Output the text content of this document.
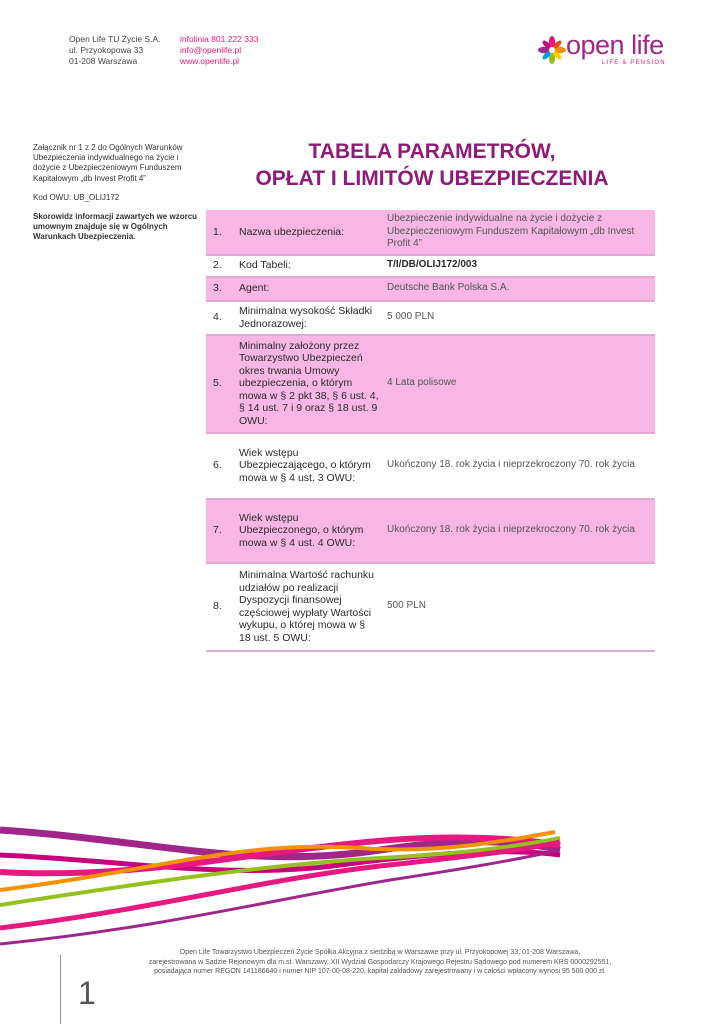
Open Life TU Życie S.A.
ul. Przyokopowa 33
01-208 Warszawa
infolinia 801 222 333
info@openlife.pl
www.openlife.pl
open life
LIFE & PENSION

Załącznik nr 1 z 2 do Ogólnych Warunków Ubezpieczenia indywidualnego na życie i dożycie z Ubezpieczeniowym Funduszem Kapitałowym „db Invest Profit 4”

Kod OWU: UB_OLIJ172

Skorowidz informacji zawartych we wzorcu umownym znajduje się w Ogólnych Warunkach Ubezpieczenia.

TABELA PARAMETRÓW,
OPŁAT I LIMITÓW UBEZPIECZENIA
1.	Nazwa ubezpieczenia:	Ubezpieczenie indywidualne na życie i dożycie z Ubezpieczeniowym Funduszem Kapitałowym „db Invest Profit 4”
2.	Kod Tabeli:	T/I/DB/OLIJ172/003
3.	Agent:	Deutsche Bank Polska S.A.
4.	Minimalna wysokość Składki Jednorazowej:	5 000 PLN
5.	Minimalny założony przez Towarzystwo Ubezpieczeń okres trwania Umowy ubezpieczenia, o którym mowa w § 2 pkt 38, § 6 ust. 4, § 14 ust. 7 i 9 oraz § 18 ust. 9 OWU:	4 Lata polisowe
6.	Wiek wstępu Ubezpieczającego, o którym mowa w § 4 ust. 3 OWU:	Ukończony 18. rok życia i nieprzekroczony 70. rok życia
7.	Wiek wstępu Ubezpieczonego, o którym mowa w § 4 ust. 4 OWU:	Ukończony 18. rok życia i nieprzekroczony 70. rok życia
8.	Minimalna Wartość rachunku udziałów po realizacji Dyspozycji finansowej częściowej wypłaty Wartości wykupu, o której mowa w § 18 ust. 5 OWU:	500 PLN
Open Life Towarzystwo Ubezpieczeń Życie Spółka Akcyjna z siedzibą w Warszawie przy ul. Przyokopowej 33, 01-208 Warszawa,
zarejestrowana w Sądzie Rejonowym dla m.st. Warszawy, XII Wydział Gospodarczy Krajowego Rejestru Sądowego pod numerem KRS 0000292551,
posiadająca numer REGON 141186640 i numer NIP 107-00-08-220, kapitał zakładowy zarejestrowany i w całości wpłacony wynosi 95 500 000 zł.
1
